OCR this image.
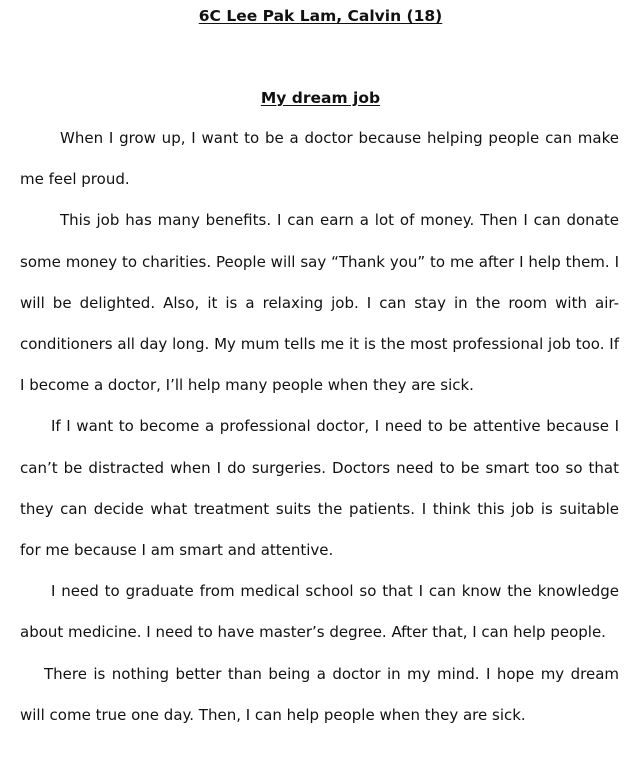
6C Lee Pak Lam, Calvin (18)
My dream job

When I grow up, I want to be a doctor because helping people can make me feel proud.

This job has many benefits. I can earn a lot of money. Then I can donate some money to charities. People will say “Thank you” to me after I help them. I will be delighted. Also, it is a relaxing job. I can stay in the room with air-conditioners all day long. My mum tells me it is the most professional job too. If I become a doctor, I’ll help many people when they are sick.

If I want to become a professional doctor, I need to be attentive because I can’t be distracted when I do surgeries. Doctors need to be smart too so that they can decide what treatment suits the patients. I think this job is suitable for me because I am smart and attentive.

I need to graduate from medical school so that I can know the knowledge about medicine. I need to have master’s degree. After that, I can help people.

There is nothing better than being a doctor in my mind. I hope my dream will come true one day. Then, I can help people when they are sick.
